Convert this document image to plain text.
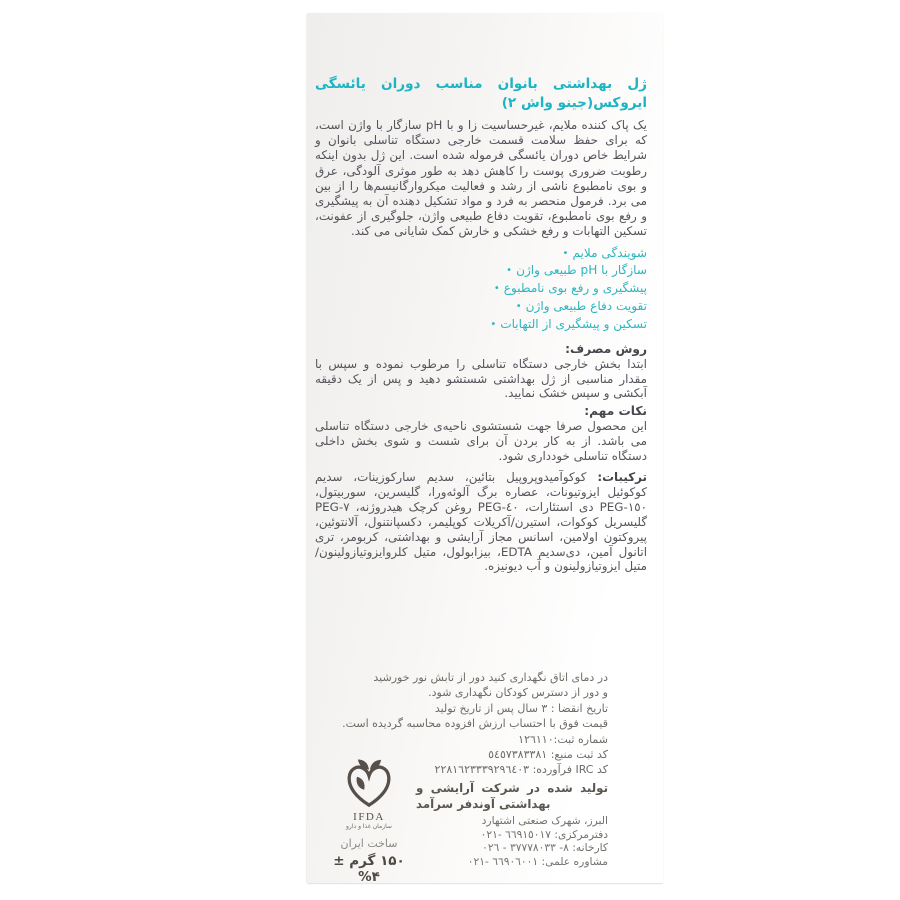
ژل بهداشتی بانوان مناسب دوران یائسگی
ایروکس(جینو واش ۲)

یک پاک کننده ملایم، غیرحساسیت زا و با pH سازگار با واژن است، که برای حفظ سلامت قسمت خارجی دستگاه تناسلی بانوان و شرایط خاص دوران یائسگی فرموله شده است. این ژل بدون اینکه رطوبت ضروری پوست را کاهش دهد به طور موثری آلودگی، عرق و بوی نامطبوع ناشی از رشد و فعالیت میکروارگانیسم‌ها را از بین می برد. فرمول منحصر به فرد و مواد تشکیل دهنده آن به پیشگیری و رفع بوی نامطبوع، تقویت دفاع طبیعی واژن، جلوگیری از عفونت، تسکین التهابات و رفع خشکی و خارش کمک شایانی می کند.

شویندگی ملایم•
سازگار با pH طبیعی واژن•
پیشگیری و رفع بوی نامطبوع•
تقویت دفاع طبیعی واژن•
تسکین و پیشگیری از التهابات•
روش مصرف:

ابتدا بخش خارجی دستگاه تناسلی را مرطوب نموده و سپس با مقدار مناسبی از ژل بهداشتی شستشو دهید و پس از یک دقیقه آبکشی و سپس خشک نمایید.

نکات مهم:

این محصول صرفا جهت شستشوی ناحیه‌ی خارجی دستگاه تناسلی می باشد. از به کار بردن آن برای شست و شوی بخش داخلی دستگاه تناسلی خودداری شود.

ترکیبات: کوکوآمیدوپروپیل بتائین، سدیم سارکوزینات، سدیم کوکوئیل ایزوتیونات، عصاره برگ آلوئه‌ورا، گلیسرین، سوربیتول، PEG-١٥٠ دی استئارات، PEG-٤٠ روغن کرچک هیدروژنه، PEG-٧ گلیسریل کوکوات، استیرن/آکریلات کوپلیمر، دکسپانتنول، آلانتوئین، پیروکتون اولامین، اسانس مجاز آرایشی و بهداشتی، کربومر، تری اتانول آمین، دی‌سدیم EDTA، بیزابولول، متیل کلروایزوتیازولینون/متیل ایزوتیازولینون و آب دیونیزه.

در دمای اتاق نگهداری کنید دور از تابش نور خورشید
و دور از دسترس کودکان نگهداری شود.
تاریخ انقضا : ٣ سال پس از تاریخ تولید
قیمت فوق با احتساب ارزش افزوده محاسبه گردیده است.
شماره ثبت:١٢٦١١٠
کد ثبت منبع: ٥٤٥٧٣٨٣٣٨١
کد IRC فرآورده: ٢٢٨١٦٢٣٣٣٩٢٩٦٤٠٣
تولید شده در شرکت آرایشی و بهداشتی آوندفر سرآمد
البرز، شهرک صنعتی اشتهارد
دفترمرکزی: ٦٦٩١٥٠١٧ -٠٢١
کارخانه: ٨- ٣٧٧٧٨٠٣٣ - ٠٢٦
مشاوره علمی: ٦٦٩٠٦٠٠١ -٠٢١
IFDA
سازمان غذا و دارو
ساخت ایران
۱۵۰ گرم ± ۴%
